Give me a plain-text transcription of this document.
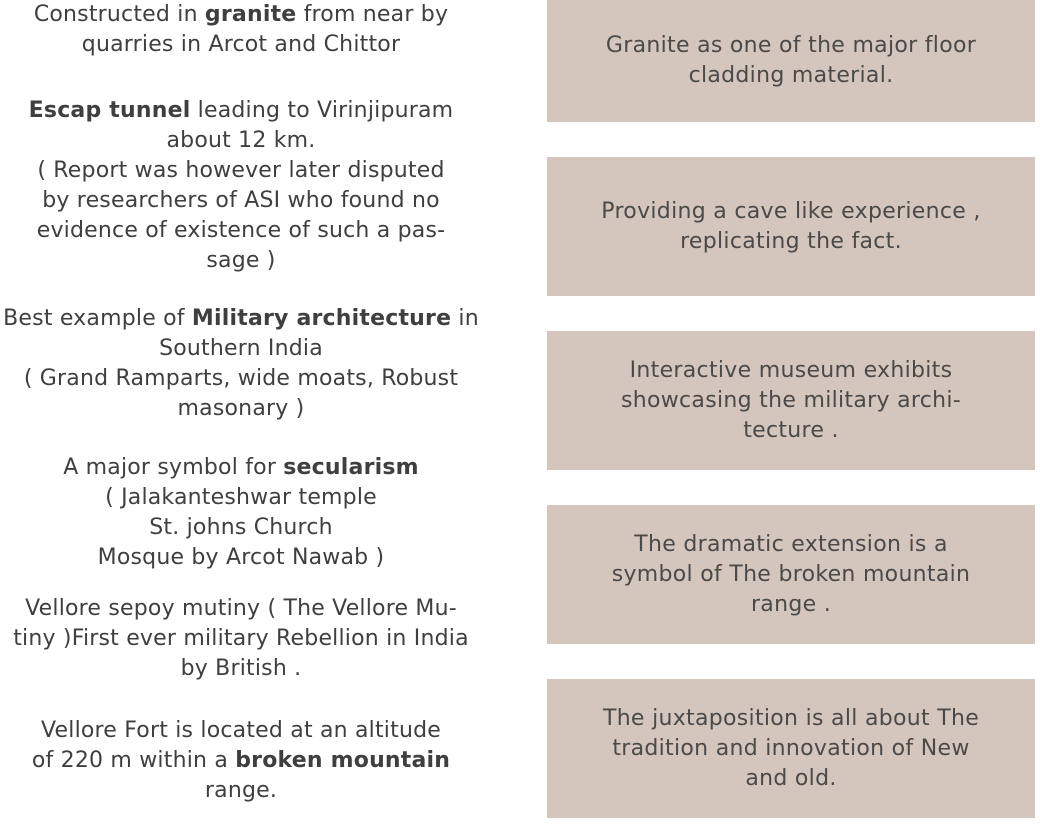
Constructed in granite from near by
quarries in Arcot and Chittor
Escap tunnel leading to Virinjipuram
about 12 km.
( Report was however later disputed
by researchers of ASI who found no
evidence of existence of such a pas-
sage )
Best example of Military architecture in
Southern India
( Grand Ramparts, wide moats, Robust
masonary )
A major symbol for secularism
( Jalakanteshwar temple
St. johns Church
Mosque by Arcot Nawab )
Vellore sepoy mutiny ( The Vellore Mu-
tiny )First ever military Rebellion in India
by British .
Vellore Fort is located at an altitude
of 220 m within a broken mountain
range.
Granite as one of the major floor
cladding material.
Providing a cave like experience ,
replicating the fact.
Interactive museum exhibits
showcasing the military archi-
tecture .
The dramatic extension is a
symbol of The broken mountain
range .
The juxtaposition is all about The
tradition and innovation of New
and old.
